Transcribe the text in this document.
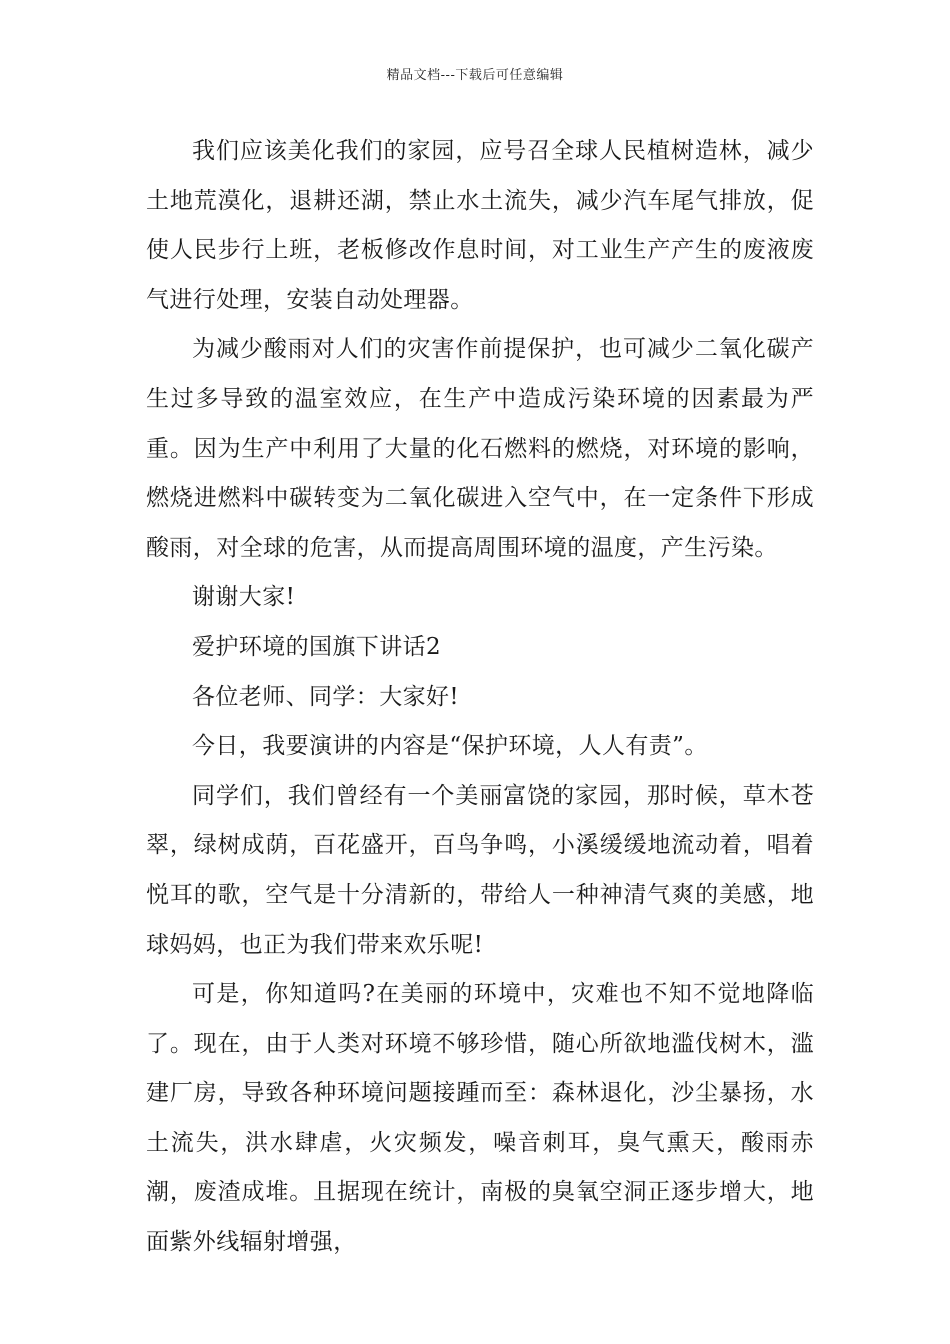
精品文档---下载后可任意编辑

我们应该美化我们的家园，应号召全球人民植树造林，减少土地荒漠化，退耕还湖，禁止水土流失，减少汽车尾气排放，促使人民步行上班，老板修改作息时间，对工业生产产生的废液废气进行处理，安装自动处理器。

为减少酸雨对人们的灾害作前提保护，也可减少二氧化碳产生过多导致的温室效应，在生产中造成污染环境的因素最为严重。因为生产中利用了大量的化石燃料的燃烧，对环境的影响，燃烧进燃料中碳转变为二氧化碳进入空气中，在一定条件下形成酸雨，对全球的危害，从而提高周围环境的温度，产生污染。

谢谢大家!

爱护环境的国旗下讲话2

各位老师、同学：大家好!

今日，我要演讲的内容是“保护环境，人人有责”。

同学们，我们曾经有一个美丽富饶的家园，那时候，草木苍翠，绿树成荫，百花盛开，百鸟争鸣，小溪缓缓地流动着，唱着悦耳的歌，空气是十分清新的，带给人一种神清气爽的美感，地球妈妈，也正为我们带来欢乐呢!

可是，你知道吗?在美丽的环境中，灾难也不知不觉地降临了。现在，由于人类对环境不够珍惜，随心所欲地滥伐树木，滥建厂房，导致各种环境问题接踵而至：森林退化，沙尘暴扬，水土流失，洪水肆虐，火灾频发，噪音刺耳，臭气熏天，酸雨赤潮，废渣成堆。且据现在统计，南极的臭氧空洞正逐步增大，地面紫外线辐射增强，
